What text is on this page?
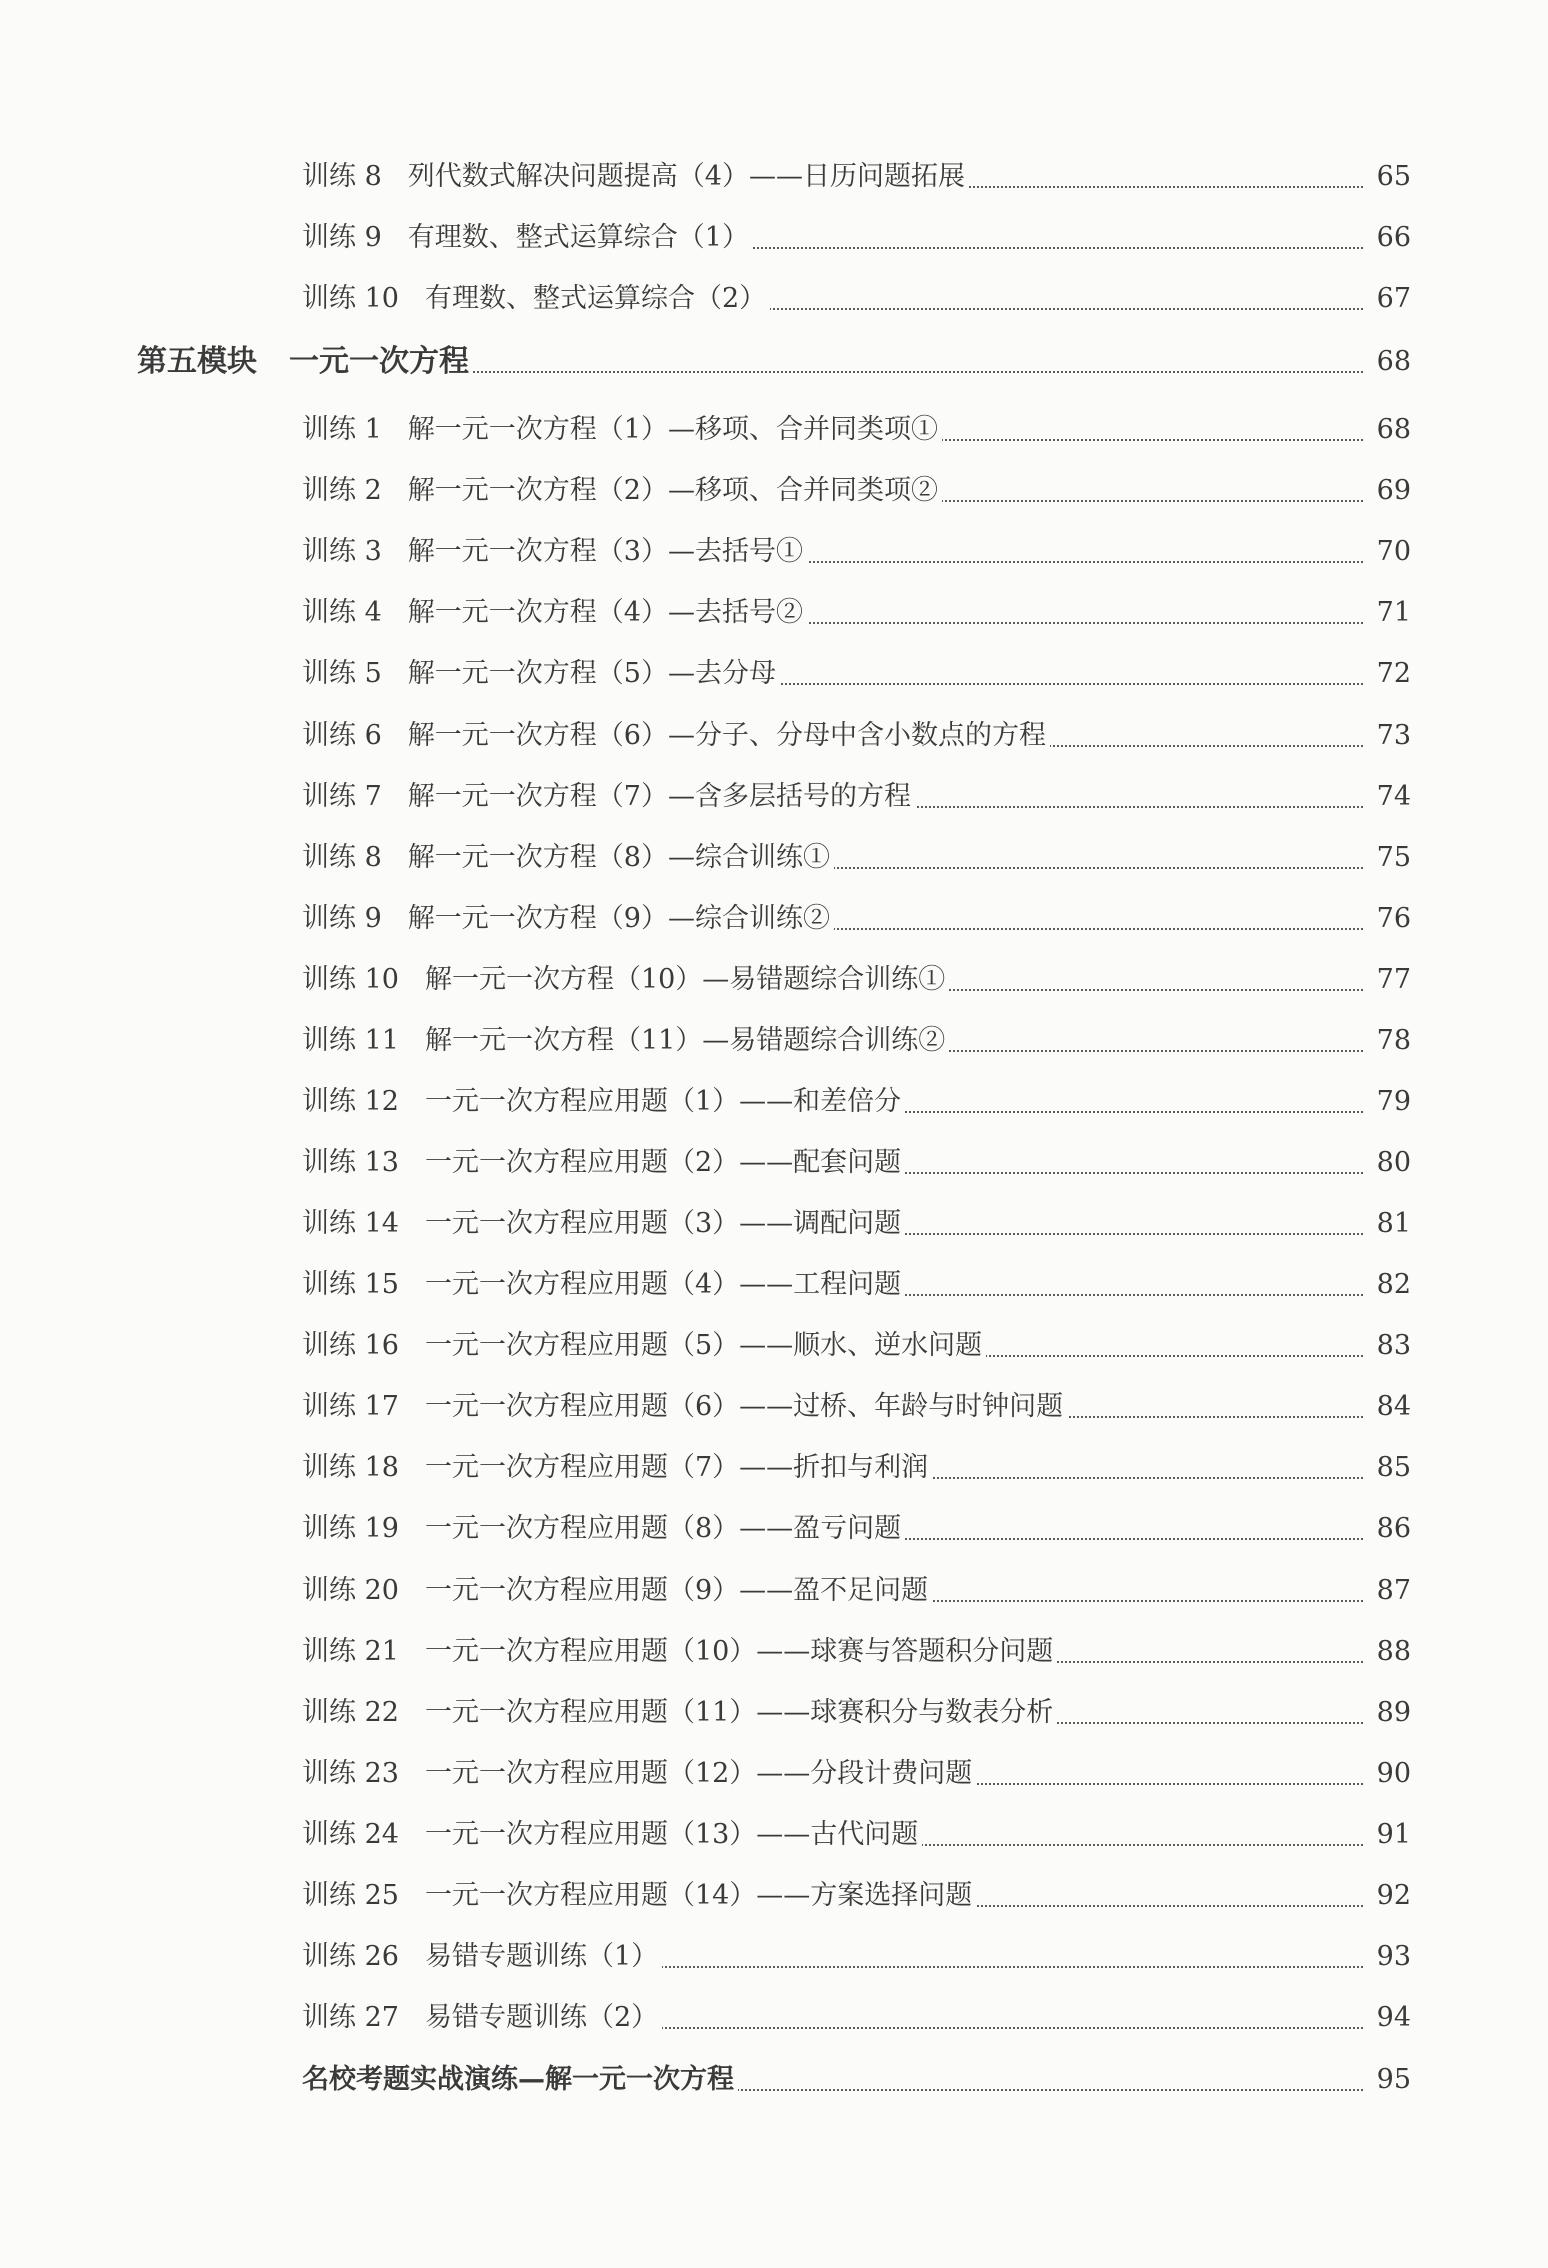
训练 8 列代数式解决问题提高（4）——日历问题拓展	65
训练 9 有理数、整式运算综合（1）	66
训练 10 有理数、整式运算综合（2）	67
第五模块 一元一次方程	68
训练 1 解一元一次方程（1）—移项、合并同类项①	68
训练 2 解一元一次方程（2）—移项、合并同类项②	69
训练 3 解一元一次方程（3）—去括号①	70
训练 4 解一元一次方程（4）—去括号②	71
训练 5 解一元一次方程（5）—去分母	72
训练 6 解一元一次方程（6）—分子、分母中含小数点的方程	73
训练 7 解一元一次方程（7）—含多层括号的方程	74
训练 8 解一元一次方程（8）—综合训练①	75
训练 9 解一元一次方程（9）—综合训练②	76
训练 10 解一元一次方程（10）—易错题综合训练①	77
训练 11 解一元一次方程（11）—易错题综合训练②	78
训练 12 一元一次方程应用题（1）——和差倍分	79
训练 13 一元一次方程应用题（2）——配套问题	80
训练 14 一元一次方程应用题（3）——调配问题	81
训练 15 一元一次方程应用题（4）——工程问题	82
训练 16 一元一次方程应用题（5）——顺水、逆水问题	83
训练 17 一元一次方程应用题（6）——过桥、年龄与时钟问题	84
训练 18 一元一次方程应用题（7）——折扣与利润	85
训练 19 一元一次方程应用题（8）——盈亏问题	86
训练 20 一元一次方程应用题（9）——盈不足问题	87
训练 21 一元一次方程应用题（10）——球赛与答题积分问题	88
训练 22 一元一次方程应用题（11）——球赛积分与数表分析	89
训练 23 一元一次方程应用题（12）——分段计费问题	90
训练 24 一元一次方程应用题（13）——古代问题	91
训练 25 一元一次方程应用题（14）——方案选择问题	92
训练 26 易错专题训练（1）	93
训练 27 易错专题训练（2）	94
名校考题实战演练—解一元一次方程	95
